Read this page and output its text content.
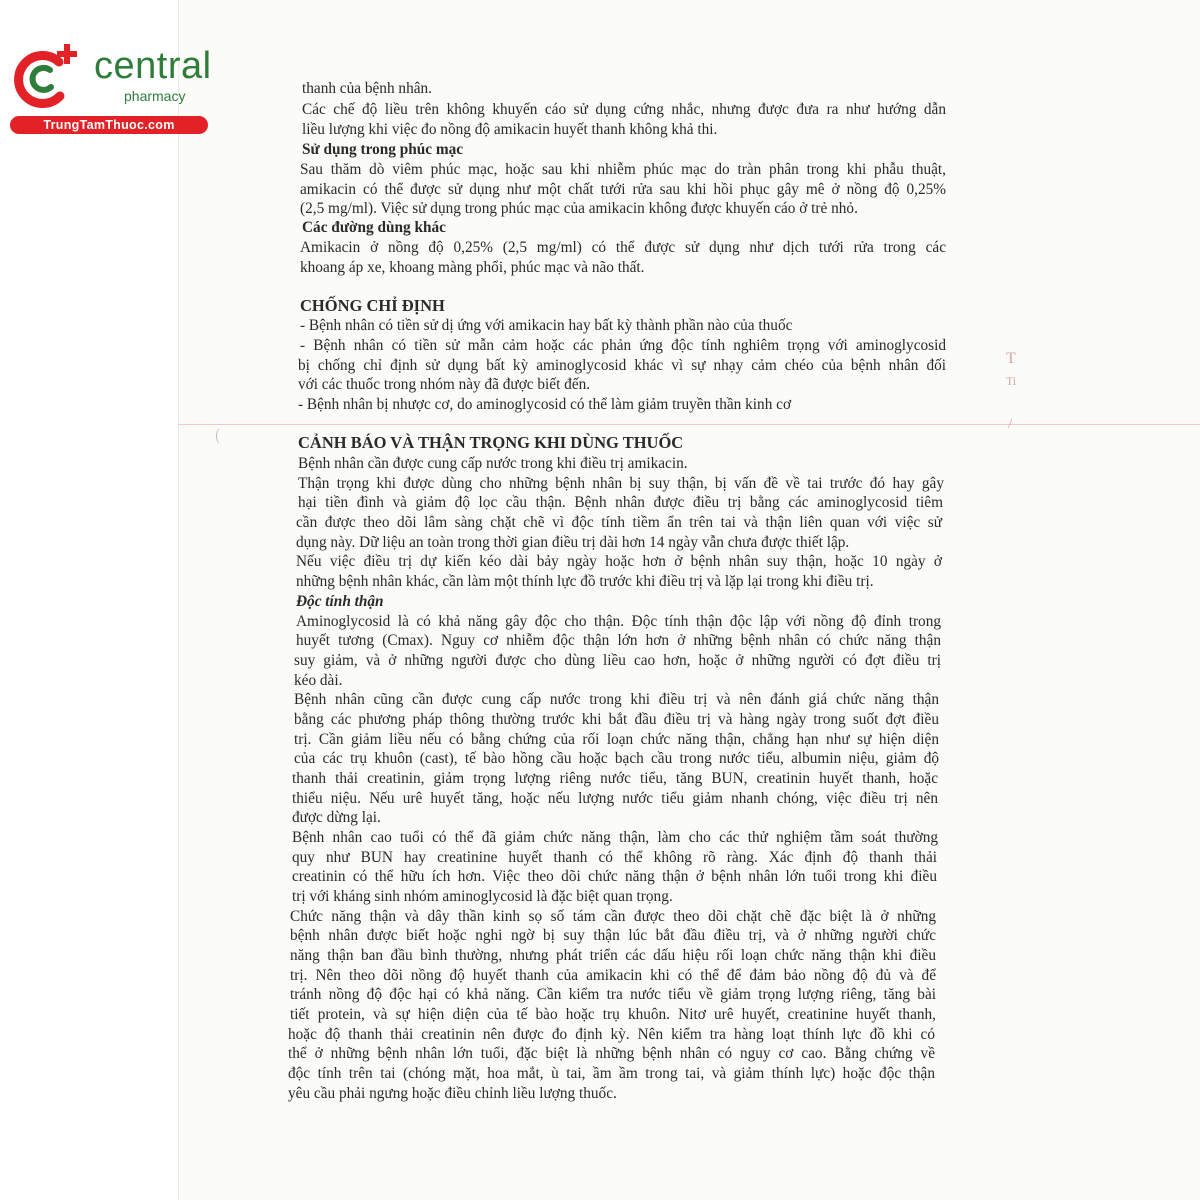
T
Ti
/
central
pharmacy
TrungTamThuoc.com
thanh của bệnh nhân.
Các chế độ liều trên không khuyến cáo sử dụng cứng nhắc, nhưng được đưa ra như hướng dẫn
liều lượng khi việc đo nồng độ amikacin huyết thanh không khả thi.
Sử dụng trong phúc mạc
Sau thăm dò viêm phúc mạc, hoặc sau khi nhiễm phúc mạc do tràn phân trong khi phẫu thuật,
amikacin có thể được sử dụng như một chất tưới rửa sau khi hồi phục gây mê ở nồng độ 0,25%
(2,5 mg/ml). Việc sử dụng trong phúc mạc của amikacin không được khuyến cáo ở trẻ nhỏ.
Các đường dùng khác
Amikacin ở nồng độ 0,25% (2,5 mg/ml) có thể được sử dụng như dịch tưới rửa trong các
khoang áp xe, khoang màng phổi, phúc mạc và não thất.
CHỐNG CHỈ ĐỊNH
- Bệnh nhân có tiền sử dị ứng với amikacin hay bất kỳ thành phần nào của thuốc
- Bệnh nhân có tiền sử mẫn cảm hoặc các phản ứng độc tính nghiêm trọng với aminoglycosid
bị chống chỉ định sử dụng bất kỳ aminoglycosid khác vì sự nhạy cảm chéo của bệnh nhân đối
với các thuốc trong nhóm này đã được biết đến.
- Bệnh nhân bị nhược cơ, do aminoglycosid có thể làm giảm truyền thần kinh cơ
CẢNH BÁO VÀ THẬN TRỌNG KHI DÙNG THUỐC
Bệnh nhân cần được cung cấp nước trong khi điều trị amikacin.
Thận trọng khi được dùng cho những bệnh nhân bị suy thận, bị vấn đề về tai trước đó hay gây
hại tiền đình và giảm độ lọc cầu thận. Bệnh nhân được điều trị bằng các aminoglycosid tiêm
cần được theo dõi lâm sàng chặt chẽ vì độc tính tiềm ẩn trên tai và thận liên quan với việc sử
dụng này. Dữ liệu an toàn trong thời gian điều trị dài hơn 14 ngày vẫn chưa được thiết lập.
Nếu việc điều trị dự kiến kéo dài bảy ngày hoặc hơn ở bệnh nhân suy thận, hoặc 10 ngày ở
những bệnh nhân khác, cần làm một thính lực đồ trước khi điều trị và lặp lại trong khi điều trị.
Độc tính thận
Aminoglycosid là có khả năng gây độc cho thận. Độc tính thận độc lập với nồng độ đỉnh trong
huyết tương (Cmax). Nguy cơ nhiễm độc thận lớn hơn ở những bệnh nhân có chức năng thận
suy giảm, và ở những người được cho dùng liều cao hơn, hoặc ở những người có đợt điều trị
kéo dài.
Bệnh nhân cũng cần được cung cấp nước trong khi điều trị và nên đánh giá chức năng thận
bằng các phương pháp thông thường trước khi bắt đầu điều trị và hàng ngày trong suốt đợt điều
trị. Cần giảm liều nếu có bằng chứng của rối loạn chức năng thận, chẳng hạn như sự hiện diện
của các trụ khuôn (cast), tế bào hồng cầu hoặc bạch cầu trong nước tiểu, albumin niệu, giảm độ
thanh thải creatinin, giảm trọng lượng riêng nước tiểu, tăng BUN, creatinin huyết thanh, hoặc
thiểu niệu. Nếu urê huyết tăng, hoặc nếu lượng nước tiểu giảm nhanh chóng, việc điều trị nên
được dừng lại.
Bệnh nhân cao tuổi có thể đã giảm chức năng thận, làm cho các thử nghiệm tầm soát thường
quy như BUN hay creatinine huyết thanh có thể không rõ ràng. Xác định độ thanh thải
creatinin có thể hữu ích hơn. Việc theo dõi chức năng thận ở bệnh nhân lớn tuổi trong khi điều
trị với kháng sinh nhóm aminoglycosid là đặc biệt quan trọng.
Chức năng thận và dây thần kinh sọ số tám cần được theo dõi chặt chẽ đặc biệt là ở những
bệnh nhân được biết hoặc nghi ngờ bị suy thận lúc bắt đầu điều trị, và ở những người chức
năng thận ban đầu bình thường, nhưng phát triển các dấu hiệu rối loạn chức năng thận khi điều
trị. Nên theo dõi nồng độ huyết thanh của amikacin khi có thể để đảm bảo nồng độ đủ và để
tránh nồng độ độc hại có khả năng. Cần kiểm tra nước tiểu về giảm trọng lượng riêng, tăng bài
tiết protein, và sự hiện diện của tế bào hoặc trụ khuôn. Nitơ urê huyết, creatinine huyết thanh,
hoặc độ thanh thải creatinin nên được đo định kỳ. Nên kiểm tra hàng loạt thính lực đồ khi có
thể ở những bệnh nhân lớn tuổi, đặc biệt là những bệnh nhân có nguy cơ cao. Bằng chứng về
độc tính trên tai (chóng mặt, hoa mắt, ù tai, ầm ầm trong tai, và giảm thính lực) hoặc độc thận
yêu cầu phải ngưng hoặc điều chỉnh liều lượng thuốc.
